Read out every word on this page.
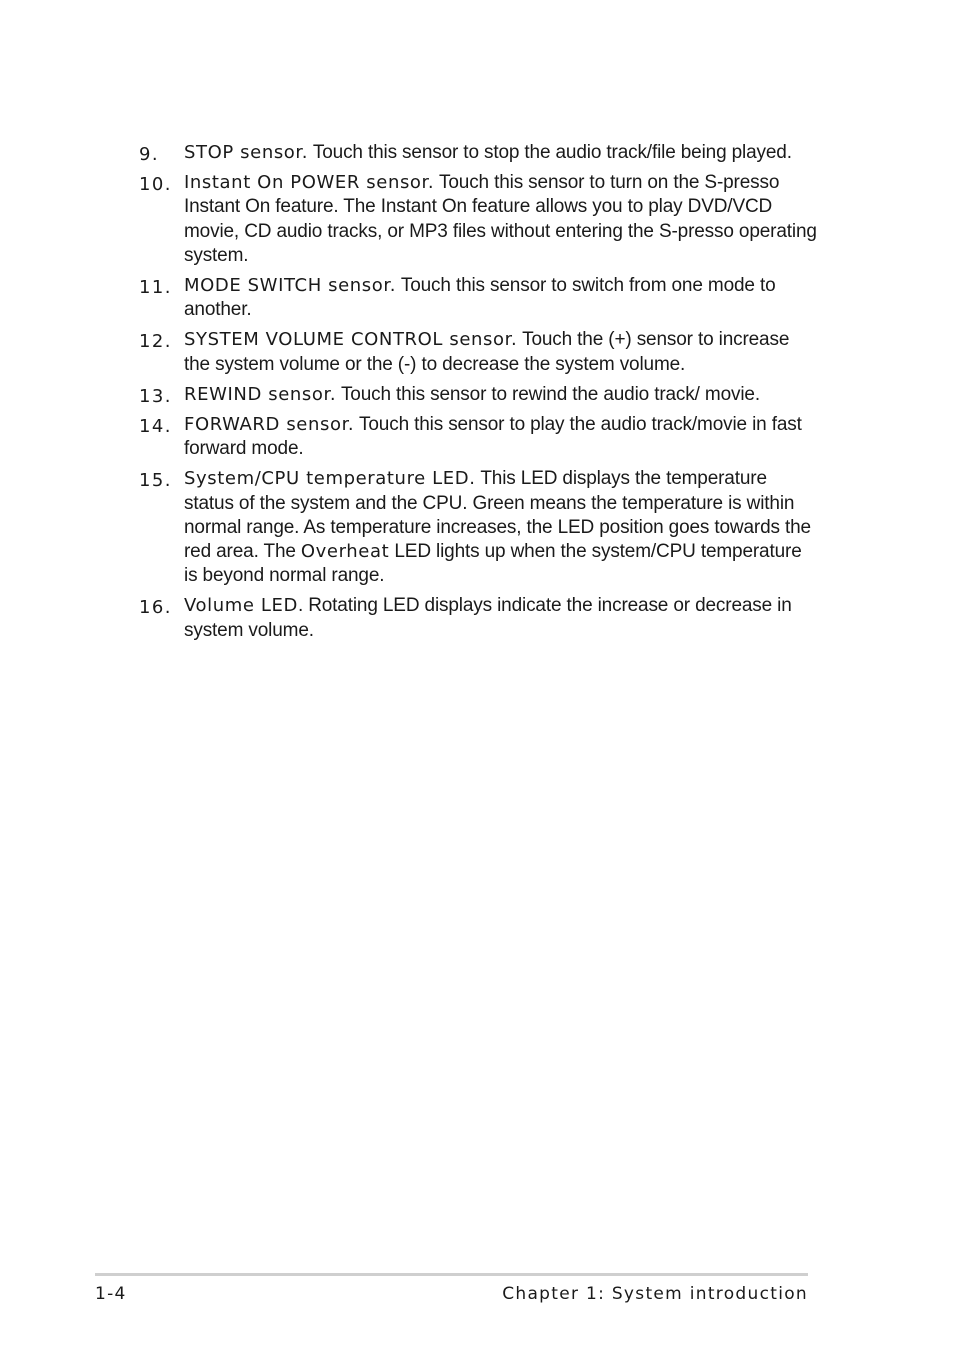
9. STOP sensor. Touch this sensor to stop the audio track/file being played.
10. Instant On POWER sensor. Touch this sensor to turn on the S-presso Instant On feature. The Instant On feature allows you to play DVD/VCD movie, CD audio tracks, or MP3 files without entering the S-presso operating system.
11. MODE SWITCH sensor. Touch this sensor to switch from one mode to another.
12. SYSTEM VOLUME CONTROL sensor. Touch the (+) sensor to increase the system volume or the (-) to decrease the system volume.
13. REWIND sensor. Touch this sensor to rewind the audio track/ movie.
14. FORWARD sensor. Touch this sensor to play the audio track/movie in fast forward mode.
15. System/CPU temperature LED. This LED displays the temperature status of the system and the CPU. Green means the temperature is within normal range. As temperature increases, the LED position goes towards the red area. The Overheat LED lights up when the system/CPU temperature is beyond normal range.
16. Volume LED. Rotating LED displays indicate the increase or decrease in system volume.
1-4	Chapter 1: System introduction
